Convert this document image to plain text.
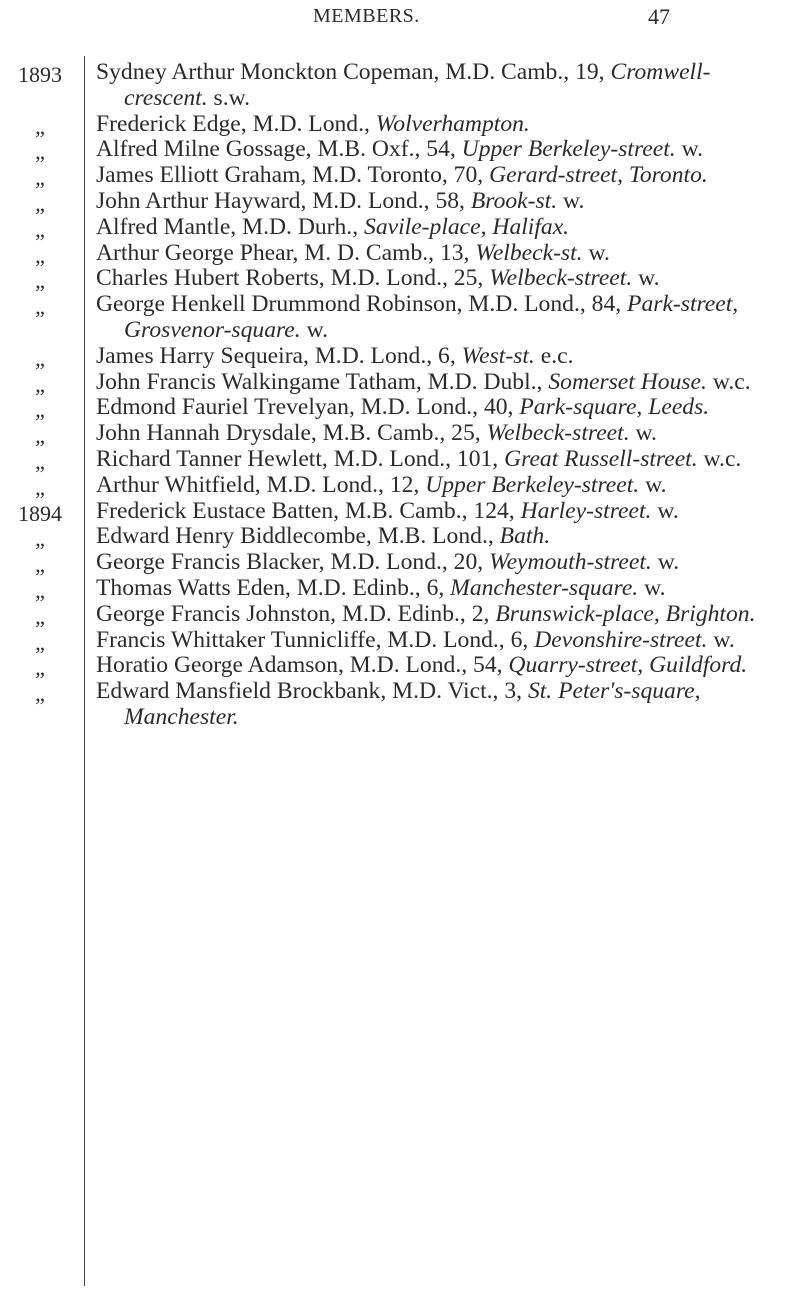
MEMBERS.	47
1893	Sydney Arthur Monckton Copeman, M.D. Camb., 19, Cromwell-crescent. s.w.
„	Frederick Edge, M.D. Lond., Wolverhampton.
„	Alfred Milne Gossage, M.B. Oxf., 54, Upper Berkeley-street. w.
„	James Elliott Graham, M.D. Toronto, 70, Gerard-street, Toronto.
„	John Arthur Hayward, M.D. Lond., 58, Brook-st. w.
„	Alfred Mantle, M.D. Durh., Savile-place, Halifax.
„	Arthur George Phear, M. D. Camb., 13, Welbeck-st. w.
„	Charles Hubert Roberts, M.D. Lond., 25, Welbeck-street. w.
„	George Henkell Drummond Robinson, M.D. Lond., 84, Park-street, Grosvenor-square. w.
„	James Harry Sequeira, M.D. Lond., 6, West-st. e.c.
„	John Francis Walkingame Tatham, M.D. Dubl., Somerset House. w.c.
„	Edmond Fauriel Trevelyan, M.D. Lond., 40, Park-square, Leeds.
„	John Hannah Drysdale, M.B. Camb., 25, Welbeck-street. w.
„	Richard Tanner Hewlett, M.D. Lond., 101, Great Russell-street. w.c.
„	Arthur Whitfield, M.D. Lond., 12, Upper Berkeley-street. w.
1894	Frederick Eustace Batten, M.B. Camb., 124, Harley-street. w.
„	Edward Henry Biddlecombe, M.B. Lond., Bath.
„	George Francis Blacker, M.D. Lond., 20, Weymouth-street. w.
„	Thomas Watts Eden, M.D. Edinb., 6, Manchester-square. w.
„	George Francis Johnston, M.D. Edinb., 2, Brunswick-place, Brighton.
„	Francis Whittaker Tunnicliffe, M.D. Lond., 6, Devonshire-street. w.
„	Horatio George Adamson, M.D. Lond., 54, Quarry-street, Guildford.
„	Edward Mansfield Brockbank, M.D. Vict., 3, St. Peter's-square, Manchester.
